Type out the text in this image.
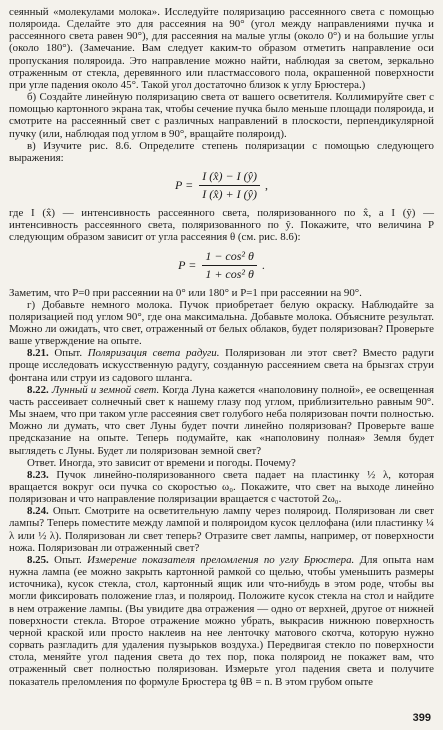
сеянный «молекулами молока». Исследуйте поляризацию рассеянного света с помощью поляроида. Сделайте это для рассеяния на 90° (угол между направлениями пучка и рассеянного света равен 90°), для рассеяния на малые углы (около 0°) и на большие углы (около 180°). (Замечание. Вам следует каким-то образом отметить направление оси пропускания поляроида. Это направление можно найти, наблюдая за светом, зеркально отраженным от стекла, деревянного или пластмассового пола, окрашенной поверхности при угле падения около 45°. Такой угол достаточно близок к углу Брюстера.)

б) Создайте линейную поляризацию света от вашего осветителя. Коллимируйте свет с помощью картонного экрана так, чтобы сечение пучка было меньше площади поляроида, и смотрите на рассеянный свет с различных направлений в плоскости, перпендикулярной пучку (или, наблюдая под углом в 90°, вращайте поляроид).

в) Изучите рис. 8.6. Определите степень поляризации с помощью следующего выражения:

$P = \frac{I (x̂) - I (ŷ)}{I (x̂) + I (ŷ)}$ ,

где I (x̂) — интенсивность рассеянного света, поляризованного по x̂, а I (ŷ) — интенсивность рассеянного света, поляризованного по ŷ. Покажите, что величина P следующим образом зависит от угла рассеяния θ (см. рис. 8.6):

$P = \frac{\text{1 − cos² θ}}{\text{1 + cos² θ}}$ .

Заметим, что P=0 при рассеянии на 0° или 180° и P=1 при рассеянии на 90°.

г) Добавьте немного молока. Пучок приобретает белую окраску. Наблюдайте за поляризацией под углом 90°, где она максимальна. Добавьте молока. Объясните результат. Можно ли ожидать, что свет, отраженный от белых облаков, будет поляризован? Проверьте ваше утверждение на опыте.

8.21. Опыт. Поляризация света радуги. Поляризован ли этот свет? Вместо радуги проще исследовать искусственную радугу, созданную рассеянием света на брызгах струи фонтана или струи из садового шланга.

8.22. Лунный и земной свет. Когда Луна кажется «наполовину полной», ее освещенная часть рассеивает солнечный свет к нашему глазу под углом, приблизительно равным 90°. Мы знаем, что при таком угле рассеяния свет голубого неба поляризован почти полностью. Можно ли думать, что свет Луны будет почти линейно поляризован? Проверьте ваше предсказание на опыте. Теперь подумайте, как «наполовину полная» Земля будет выглядеть с Луны. Будет ли поляризован земной свет?

Ответ. Иногда, это зависит от времени и погоды. Почему?

8.23. Пучок линейно-поляризованного света падает на пластинку ½ λ, которая вращается вокруг оси пучка со скоростью ω₀. Покажите, что свет на выходе линейно поляризован и что направление поляризации вращается с частотой 2ω₀.

8.24. Опыт. Смотрите на осветительную лампу через поляроид. Поляризован ли свет лампы? Теперь поместите между лампой и поляроидом кусок целлофана (или пластинку ¼ λ или ½ λ). Поляризован ли свет теперь? Отразите свет лампы, например, от поверхности ножа. Поляризован ли отраженный свет?

8.25. Опыт. Измерение показателя преломления по углу Брюстера. Для опыта нам нужна лампа (ее можно закрыть картонной рамкой со щелью, чтобы уменьшить размеры источника), кусок стекла, стол, картонный ящик или что-нибудь в этом роде, чтобы вы могли фиксировать положение глаз, и поляроид. Положите кусок стекла на стол и найдите в нем отражение лампы. (Вы увидите два отражения — одно от верхней, другое от нижней поверхности стекла. Второе отражение можно убрать, выкрасив нижнюю поверхность черной краской или просто наклеив на нее ленточку матового скотча, которую нужно сорвать разгладить для удаления пузырьков воздуха.) Передвигая стекло по поверхности стола, меняйте угол падения света до тех пор, пока поляроид не покажет вам, что отраженный свет полностью поляризован. Измерьте угол падения света и получите показатель преломления по формуле Брюстера tg θB = n. В этом грубом опыте

399
